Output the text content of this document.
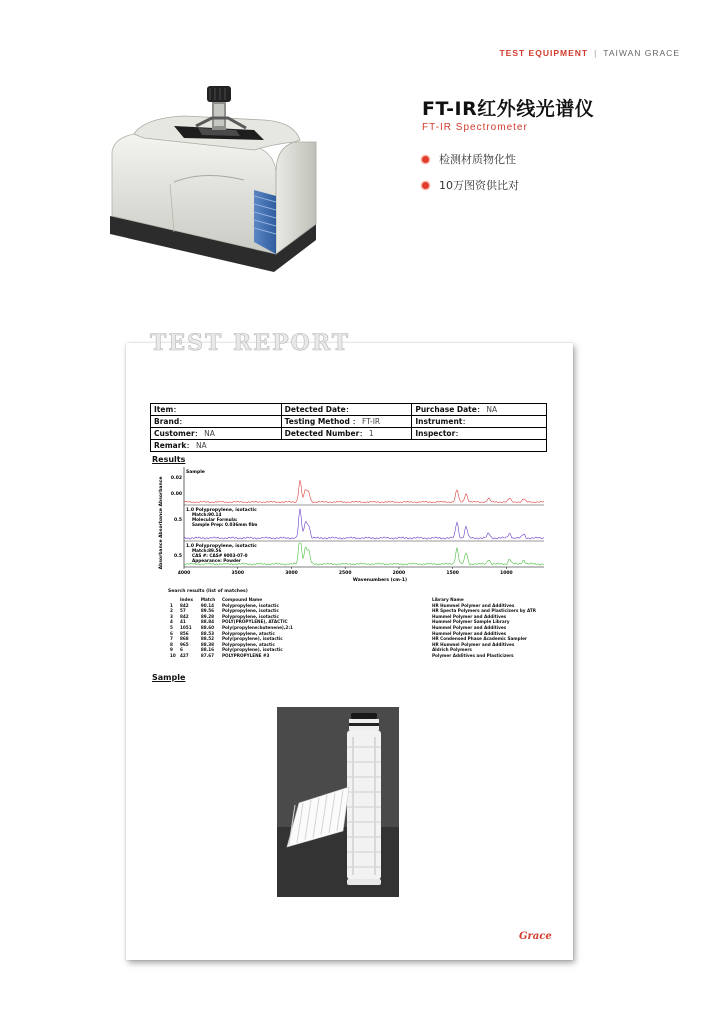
TEST EQUIPMENT | TAIWAN GRACE
FT-IR红外线光谱仪
FT-IR Spectrometer
检测材质物化性
10万图资供比对
TEST REPORT
Item：	Detected Date：	Purchase Date： NA
Brand：	Testing Method ： FT-IR	Instrument：
Customer： NA	Detected Number： 1	Inspector：
Remark： NA		
Results
4000	3500	3000	2500	2000	1500	1000
Sample
0.02
0.00
1.0 Polypropylene, isotactic
Match:90.14
Molecular Formula:
Sample Prep: 0.036mm film
0.5
1.0 Polypropylene, isotactic
Match:89.56
CAS #: CAS# 9003-07-0
Appearance: Powder
0.5
Absorbance Absorbance Absorbance
Wavenumbers (cm-1)
Search results (list of matches)
	Index	Match	Compound Name	Library Name
1	842	90.14	Polypropylene, isotactic	HR Hummel Polymer and Additives
2	57	89.56	Polypropylene, isotactic	HR Specta Polymers and Plasticizers by ATR
3	842	89.28	Polypropylene, isotactic	Hummel Polymer and Additives
4	41	88.84	POLY(PROPYLENE), ATACTIC	Hummel Polymer Sample Library
5	1051	88.60	Poly(propylene:butenene),2:1	Hummel Polymer and Additives
6	856	88.53	Polypropylene, atactic	Hummel Polymer and Additives
7	868	88.52	Poly(propylene), isotactic	HR Condensed Phase Academic Sampler
8	965	88.38	Polypropylene, atactic	HR Hummel Polymer and Additives
9	6	88.16	Poly(propylene), isotactic	Aldrich Polymers
10	427	87.67	POLYPROPYLENE #3	Polymer Additives and Plasticizers
Sample
Grace
